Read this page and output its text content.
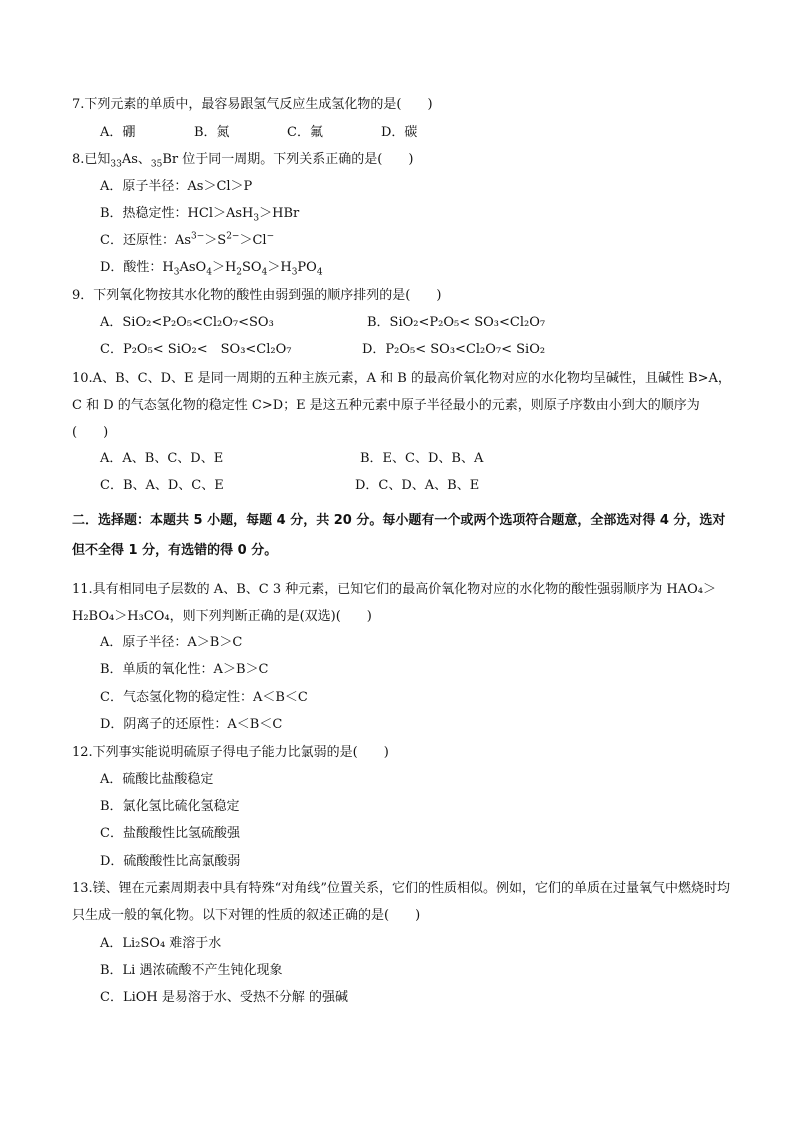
7.下列元素的单质中，最容易跟氢气反应生成氢化物的是(　　)
A．硼	B．氮	C．氟	D．碳
8.已知$_{33}$As、$_{35}$Br 位于同一周期。下列关系正确的是(　　)
A．原子半径：As＞Cl＞P
B．热稳定性：HCl＞AsH$_3$＞HBr
C．还原性：$As^{3-}>S^{2-}>Cl^-$
D．酸性：$H_3AsO_4>H_2SO_4>H_3PO_4$
9．下列氧化物按其水化物的酸性由弱到强的顺序排列的是(　　)
A．SiO₂<P₂O₅<Cl₂O₇<SO₃	B．SiO₂<P₂O₅< SO₃<Cl₂O₇
C．P₂O₅< SiO₂<　SO₃<Cl₂O₇	D．P₂O₅< SO₃<Cl₂O₇< SiO₂
10.A、B、C、D、E 是同一周期的五种主族元素，A 和 B 的最高价氧化物对应的水化物均呈碱性，且碱性 B>A，C 和 D 的气态氢化物的稳定性 C>D；E 是这五种元素中原子半径最小的元素，则原子序数由小到大的顺序为(　　)
A．A、B、C、D、E	B．E、C、D、B、A
C．B、A、D、C、E	D．C、D、A、B、E
二．选择题：本题共 5 小题，每题 4 分，共 20 分。每小题有一个或两个选项符合题意，全部选对得 4 分，选对但不全得 1 分，有选错的得 0 分。
11.具有相同电子层数的 A、B、C 3 种元素，已知它们的最高价氧化物对应的水化物的酸性强弱顺序为 HAO₄＞H₂BO₄＞H₃CO₄，则下列判断正确的是(双选)(　　)
A．原子半径：A＞B＞C
B．单质的氧化性：A＞B＞C
C．气态氢化物的稳定性：A＜B＜C
D．阴离子的还原性：A＜B＜C
12.下列事实能说明硫原子得电子能力比氯弱的是(　　)
A．硫酸比盐酸稳定
B．氯化氢比硫化氢稳定
C．盐酸酸性比氢硫酸强
D．硫酸酸性比高氯酸弱
13.镁、锂在元素周期表中具有特殊“对角线”位置关系，它们的性质相似。例如，它们的单质在过量氧气中燃烧时均只生成一般的氧化物。以下对锂的性质的叙述正确的是(　　)
A．Li₂SO₄ 难溶于水
B．Li 遇浓硫酸不产生钝化现象
C．LiOH 是易溶于水、受热不分解 的强碱
